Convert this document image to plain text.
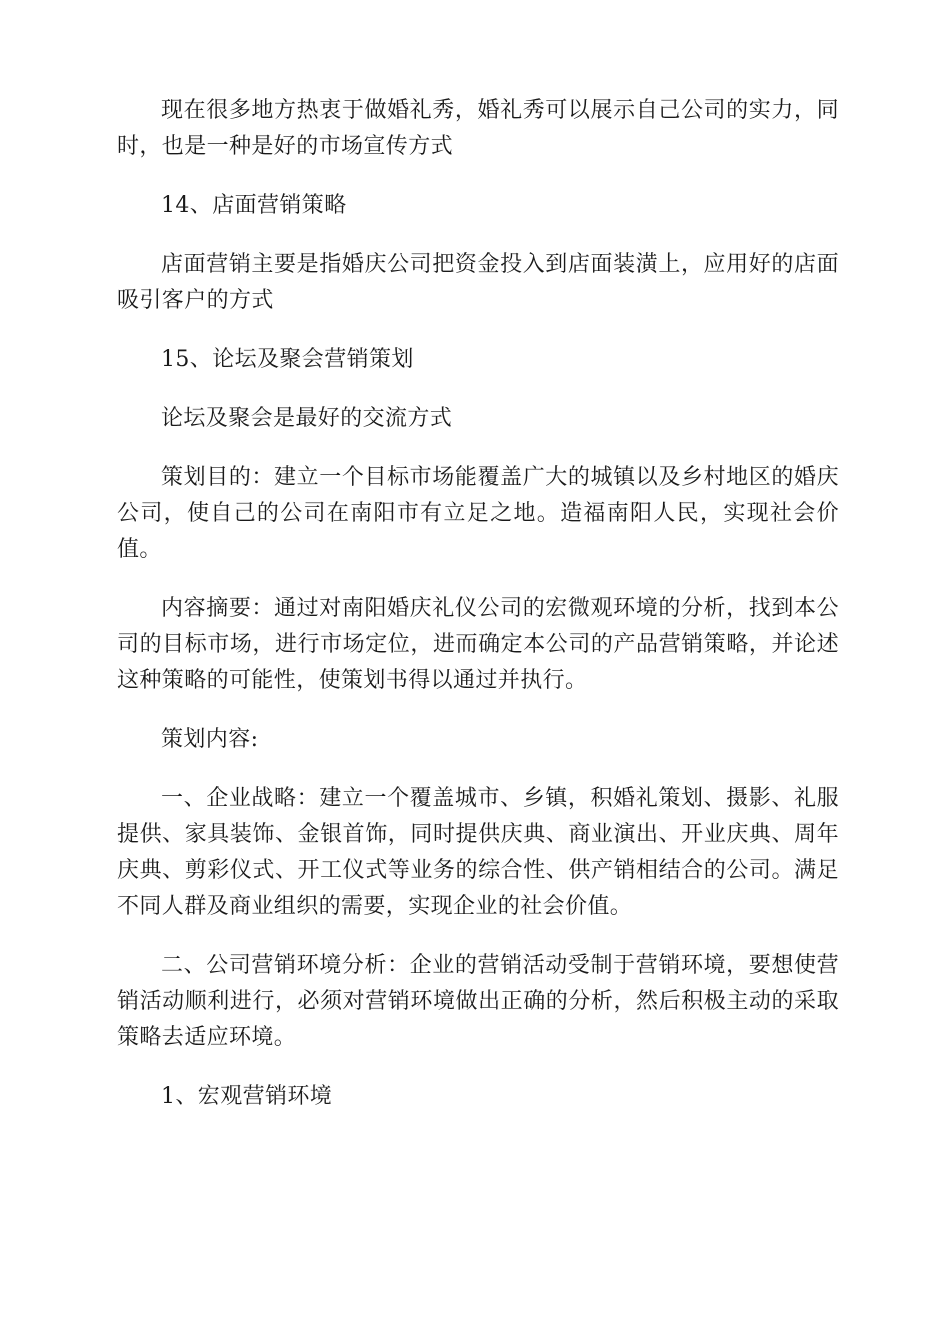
现在很多地方热衷于做婚礼秀，婚礼秀可以展示自己公司的实力，同时，也是一种是好的市场宣传方式

14、店面营销策略

店面营销主要是指婚庆公司把资金投入到店面装潢上，应用好的店面吸引客户的方式

15、论坛及聚会营销策划

论坛及聚会是最好的交流方式

策划目的：建立一个目标市场能覆盖广大的城镇以及乡村地区的婚庆公司，使自己的公司在南阳市有立足之地。造福南阳人民，实现社会价值。

内容摘要：通过对南阳婚庆礼仪公司的宏微观环境的分析，找到本公司的目标市场，进行市场定位，进而确定本公司的产品营销策略，并论述这种策略的可能性，使策划书得以通过并执行。

策划内容:

一、企业战略：建立一个覆盖城市、乡镇，积婚礼策划、摄影、礼服提供、家具装饰、金银首饰，同时提供庆典、商业演出、开业庆典、周年庆典、剪彩仪式、开工仪式等业务的综合性、供产销相结合的公司。满足不同人群及商业组织的需要，实现企业的社会价值。

二、公司营销环境分析：企业的营销活动受制于营销环境，要想使营销活动顺利进行，必须对营销环境做出正确的分析，然后积极主动的采取策略去适应环境。

1、宏观营销环境
